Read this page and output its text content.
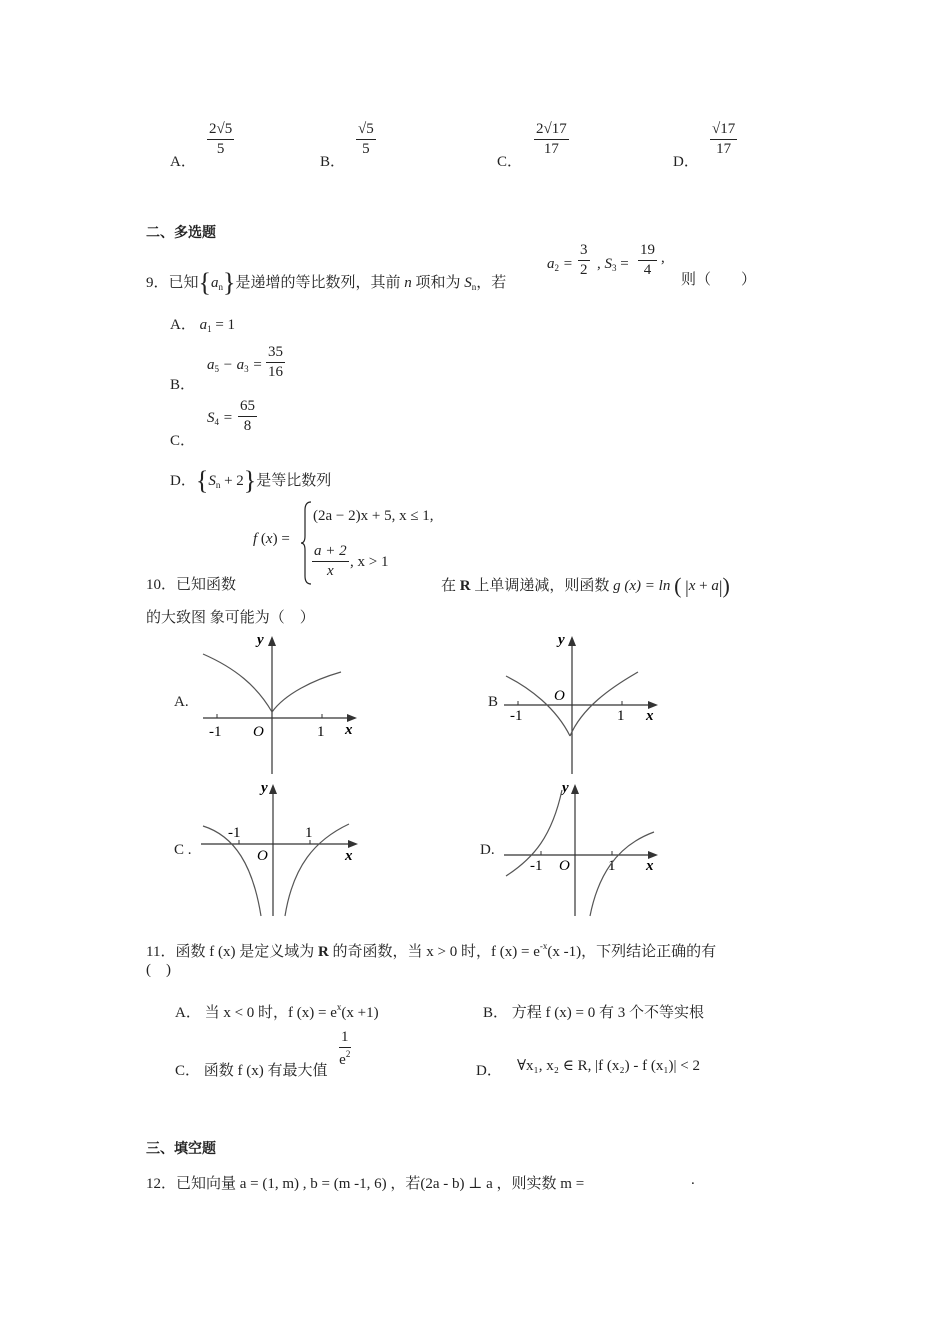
A．
2√5
5
B．
√5
5
C．
2√17
17
D．
√17
17
二、多选题
9．已知$\{a_n\}$是递增的等比数列，其前 n 项和为 $S_n$，若
$a_2$ =
3
2 , $S_3$ =
19
4
,
则（　　）
A． $a_1 = 1$
B．
$a_5 - a_3$ =
35
16
C．
$S_4$ =
65
8
D．$\{S_n + 2\}$是等比数列
f (x) =
(2a − 2)x + 5, x ≤ 1,
a + 2
x
, x > 1
10．已知函数	在 R 上单调递减，则函数 g (x) = ln ( |x + a|)
的大致图 象可能为（　）
A.
y
x
O
-1	1
B
y
x
O
-1	1
C .
y
x
O
-1	1
D.
y
x
O
-1	1
11．函数 f (x) 是定义域为 R 的奇函数，当 x > 0 时，f $(x) = e^{-x}(x$ -1)，下列结论正确的有
(　)
A． 当 x < 0 时，f $(x) = e^x(x +1)$	B． 方程 f (x) = 0 有 3 个不等实根
C． 函数 f (x) 有最大值
1
$e^2$
D． ∀x₁, x₂ ∈ R, |f (x₂) - f (x₁)| < 2
三、填空题
12．已知向量 a = (1, m) , b = (m -1, 6) ，若(2a - b) ⊥ a ，则实数 m =	.
